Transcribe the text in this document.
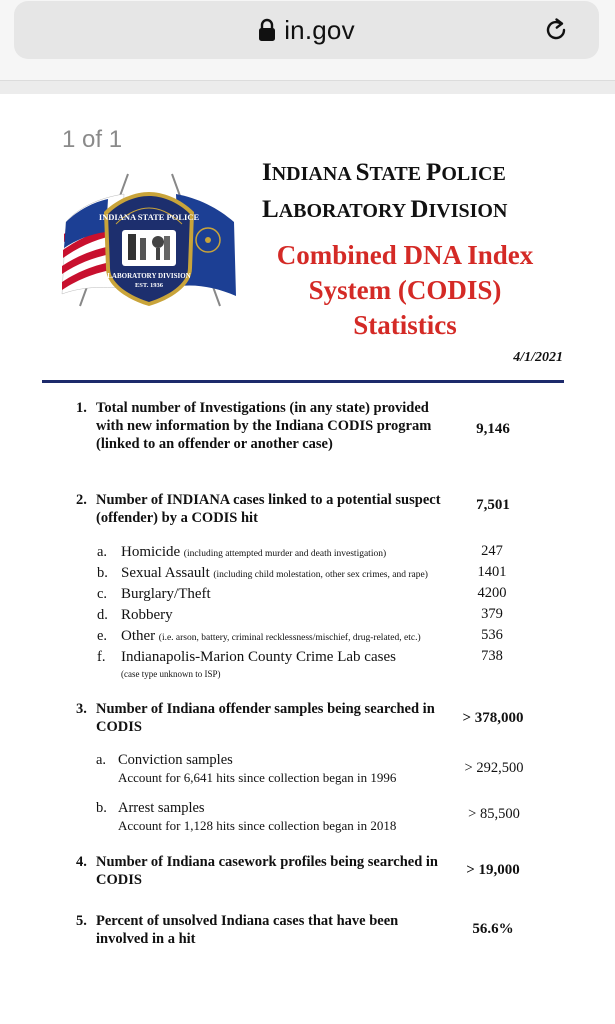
in.gov
1 of 1
INDIANA STATE POLICE
LABORATORY DIVISION
EST. 1936
INDIANA STATE POLICE
LABORATORY DIVISION
Combined DNA Index
System (CODIS)
Statistics
4/1/2021
1. Total number of Investigations (in any state) provided with new information by the Indiana CODIS program (linked to an offender or another case)
9,146
2. Number of INDIANA cases linked to a potential suspect (offender) by a CODIS hit
7,501
a. Homicide (including attempted murder and death investigation)	247
b. Sexual Assault (including child molestation, other sex crimes, and rape)	1401
c. Burglary/Theft	4200
d. Robbery	379
e. Other (i.e. arson, battery, criminal recklessness/mischief, drug-related, etc.)	536
f.	Indianapolis-Marion County Crime Lab cases
(case type unknown to ISP)
738
3. Number of Indiana offender samples being searched in CODIS
> 378,000
a. Conviction samples
Account for 6,641 hits since collection began in 1996
> 292,500
b. Arrest samples
Account for 1,128 hits since collection began in 2018
> 85,500
4. Number of Indiana casework profiles being searched in CODIS
> 19,000
5. Percent of unsolved Indiana cases that have been involved in a hit
56.6%
